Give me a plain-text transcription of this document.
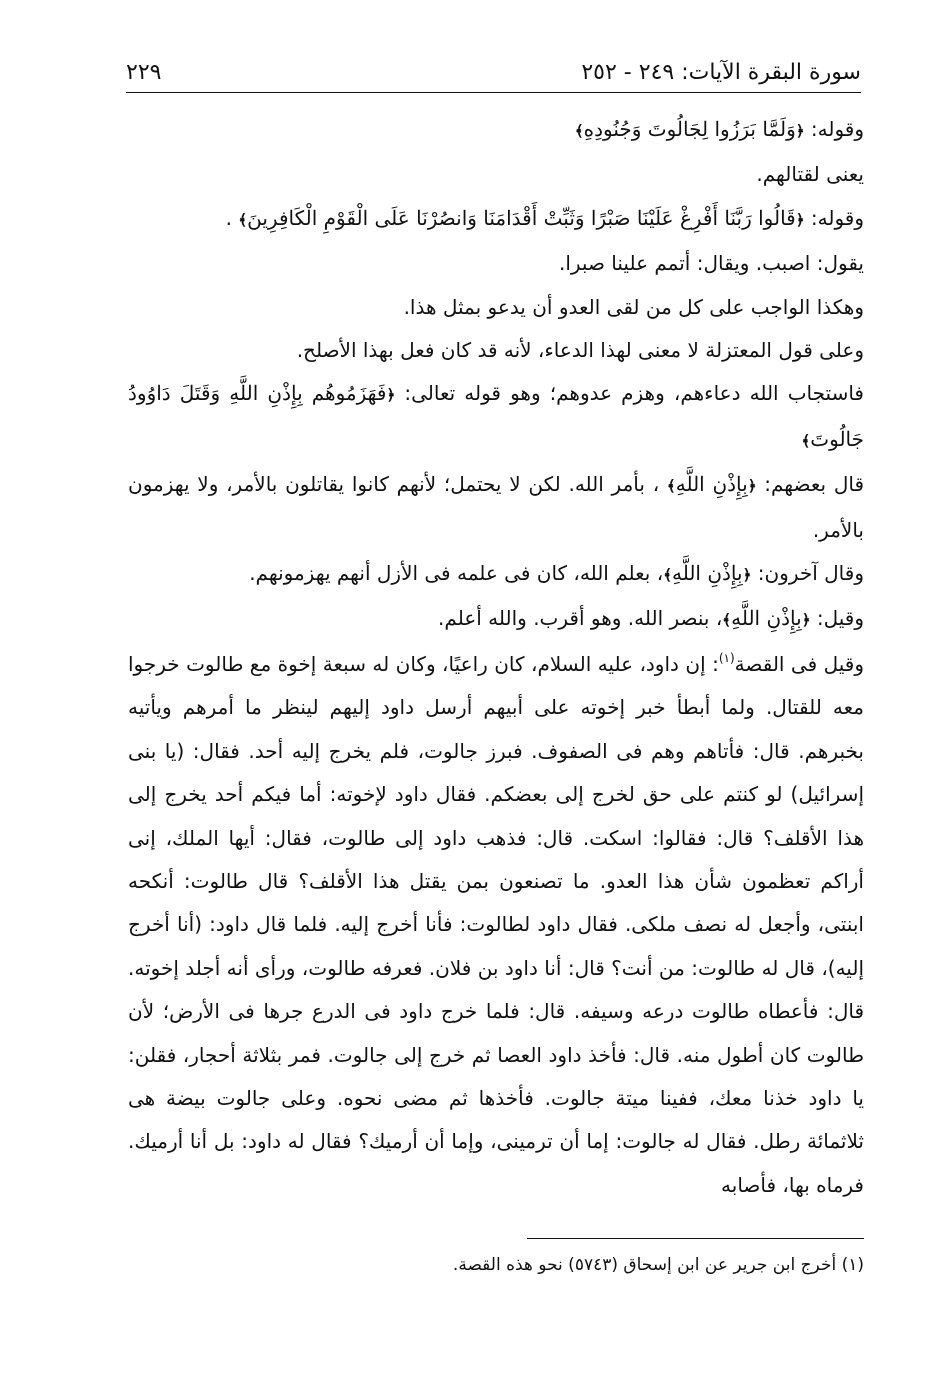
سورة البقرة الآيات: ٢٤٩ - ٢٥٢
٢٢٩

وقوله: ﴿وَلَمَّا بَرَزُوا لِجَالُوتَ وَجُنُودِهِ﴾

يعنى لقتالهم.

وقوله: ﴿قَالُوا رَبَّنَا أَفْرِغْ عَلَيْنَا صَبْرًا وَثَبِّتْ أَقْدَامَنَا وَانصُرْنَا عَلَى الْقَوْمِ الْكَافِرِينَ﴾ .

يقول: اصبب. ويقال: أتمم علينا صبرا.

وهكذا الواجب على كل من لقى العدو أن يدعو بمثل هذا.

وعلى قول المعتزلة لا معنى لهذا الدعاء، لأنه قد كان فعل بهذا الأصلح.

فاستجاب الله دعاءهم، وهزم عدوهم؛ وهو قوله تعالى: ﴿فَهَزَمُوهُم بِإِذْنِ اللَّهِ وَقَتَلَ دَاوُودُ جَالُوتَ﴾

قال بعضهم: ﴿بِإِذْنِ اللَّهِ﴾ ، بأمر الله. لكن لا يحتمل؛ لأنهم كانوا يقاتلون بالأمر، ولا يهزمون بالأمر.

وقال آخرون: ﴿بِإِذْنِ اللَّهِ﴾، بعلم الله، كان فى علمه فى الأزل أنهم يهزمونهم.

وقيل: ﴿بِإِذْنِ اللَّهِ﴾، بنصر الله. وهو أقرب. والله أعلم.

وقيل فى القصة$^{(١)}$: إن داود، عليه السلام، كان راعيًا، وكان له سبعة إخوة مع طالوت خرجوا معه للقتال. ولما أبطأ خبر إخوته على أبيهم أرسل داود إليهم لينظر ما أمرهم ويأتيه بخبرهم. قال: فأتاهم وهم فى الصفوف. فبرز جالوت، فلم يخرج إليه أحد. فقال: (يا بنى إسرائيل) لو كنتم على حق لخرج إلى بعضكم. فقال داود لإخوته: أما فيكم أحد يخرج إلى هذا الأقلف؟ قال: فقالوا: اسكت. قال: فذهب داود إلى طالوت، فقال: أيها الملك، إنى أراكم تعظمون شأن هذا العدو. ما تصنعون بمن يقتل هذا الأقلف؟ قال طالوت: أنكحه ابنتى، وأجعل له نصف ملكى. فقال داود لطالوت: فأنا أخرج إليه. فلما قال داود: (أنا أخرج إليه)، قال له طالوت: من أنت؟ قال: أنا داود بن فلان. فعرفه طالوت، ورأى أنه أجلد إخوته. قال: فأعطاه طالوت درعه وسيفه. قال: فلما خرج داود فى الدرع جرها فى الأرض؛ لأن طالوت كان أطول منه. قال: فأخذ داود العصا ثم خرج إلى جالوت. فمر بثلاثة أحجار، فقلن: يا داود خذنا معك، ففينا ميتة جالوت. فأخذها ثم مضى نحوه. وعلى جالوت بيضة هى ثلاثمائة رطل. فقال له جالوت: إما أن ترمينى، وإما أن أرميك؟ فقال له داود: بل أنا أرميك. فرماه بها، فأصابه

(١) أخرج ابن جرير عن ابن إسحاق (٥٧٤٣) نحو هذه القصة.
